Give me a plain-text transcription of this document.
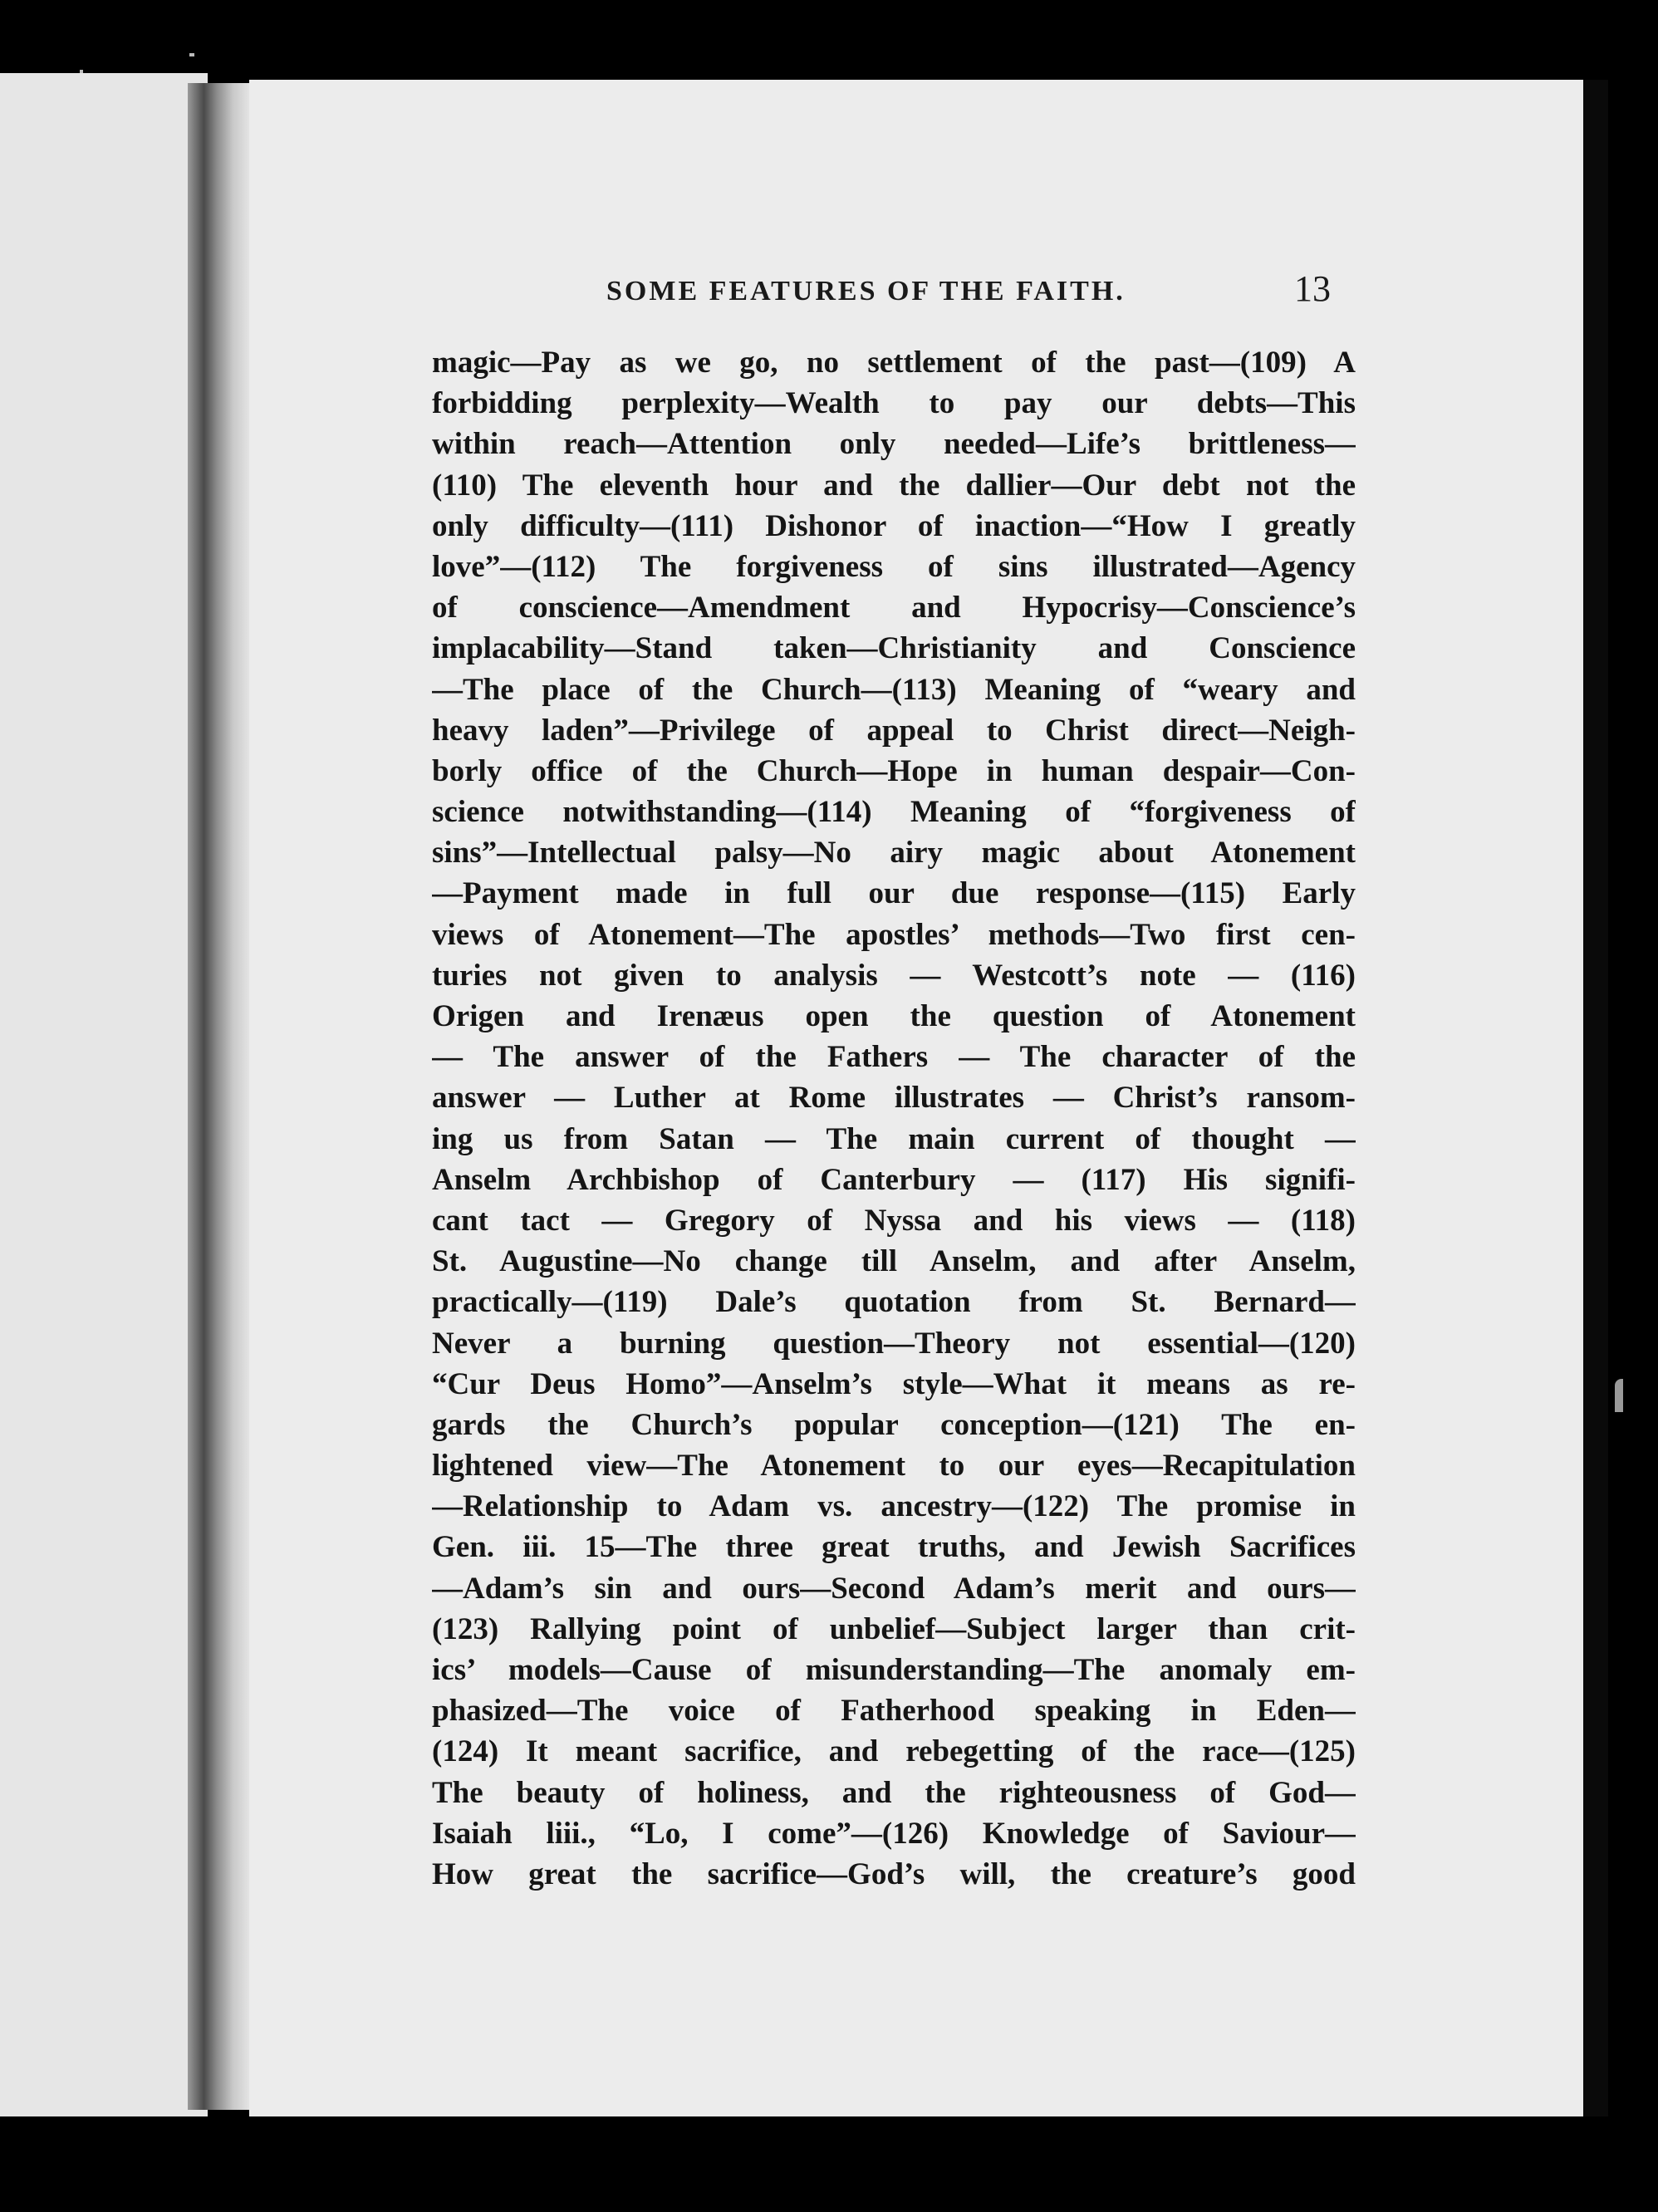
SOME FEATURES OF THE FAITH.	13
magic—Pay as we go, no settlement of the past—(109) A
forbidding perplexity—Wealth to pay our debts—This
within reach—Attention only needed—Life’s brittleness—
(110) The eleventh hour and the dallier—Our debt not the
only difficulty—(111) Dishonor of inaction—“How I greatly
love”—(112) The forgiveness of sins illustrated—Agency
of conscience—Amendment and Hypocrisy—Conscience’s
implacability—Stand taken—Christianity and Conscience
—The place of the Church—(113) Meaning of “weary and
heavy laden”—Privilege of appeal to Christ direct—Neigh-
borly office of the Church—Hope in human despair—Con-
science notwithstanding—(114) Meaning of “forgiveness of
sins”—Intellectual palsy—No airy magic about Atonement
—Payment made in full our due response—(115) Early
views of Atonement—The apostles’ methods—Two first cen-
turies not given to analysis — Westcott’s note — (116)
Origen and Irenæus open the question of Atonement
— The answer of the Fathers — The character of the
answer — Luther at Rome illustrates — Christ’s ransom-
ing us from Satan — The main current of thought —
Anselm Archbishop of Canterbury — (117) His signifi-
cant tact — Gregory of Nyssa and his views — (118)
St. Augustine—No change till Anselm, and after Anselm,
practically—(119) Dale’s quotation from St. Bernard—
Never a burning question—Theory not essential—(120)
“Cur Deus Homo”—Anselm’s style—What it means as re-
gards the Church’s popular conception—(121) The en-
lightened view—The Atonement to our eyes—Recapitulation
—Relationship to Adam vs. ancestry—(122) The promise in
Gen. iii. 15—The three great truths, and Jewish Sacrifices
—Adam’s sin and ours—Second Adam’s merit and ours—
(123) Rallying point of unbelief—Subject larger than crit-
ics’ models—Cause of misunderstanding—The anomaly em-
phasized—The voice of Fatherhood speaking in Eden—
(124) It meant sacrifice, and rebegetting of the race—(125)
The beauty of holiness, and the righteousness of God—
Isaiah liii., “Lo, I come”—(126) Knowledge of Saviour—
How great the sacrifice—God’s will, the creature’s good
